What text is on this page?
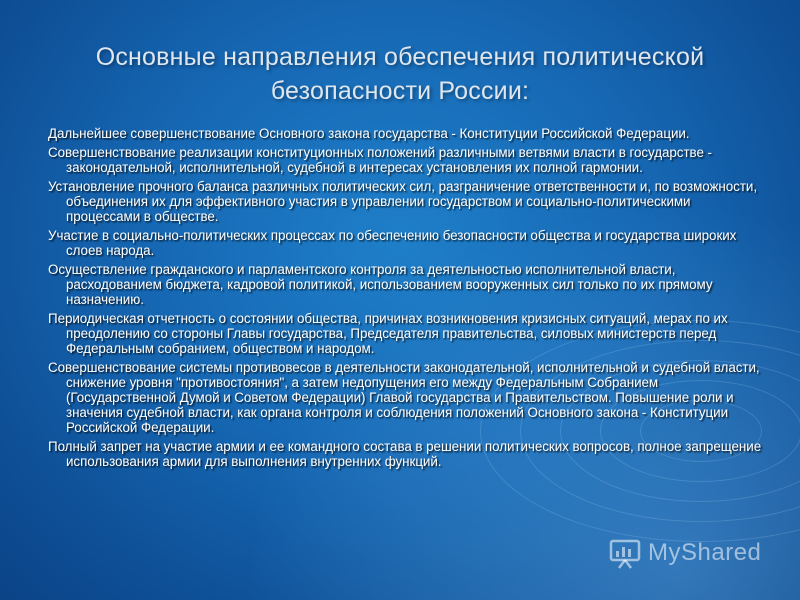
Основные направления обеспечения политической
безопасности России:
Дальнейшее совершенствование Основного закона государства - Конституции Российской Федерации.
Совершенствование реализации конституционных положений различными ветвями власти в государстве - законодательной, исполнительной, судебной в интересах установления их полной гармонии.
Установление прочного баланса различных политических сил, разграничение ответственности и, по возможности, объединения их для эффективного участия в управлении государством и социально-политическими процессами в обществе.
Участие в социально-политических процессах по обеспечению безопасности общества и государства широких слоев народа.
Осуществление гражданского и парламентского контроля за деятельностью исполнительной власти, расходованием бюджета, кадровой политикой, использованием вооруженных сил только по их прямому назначению.
Периодическая отчетность о состоянии общества, причинах возникновения кризисных ситуаций, мерах по их преодолению со стороны Главы государства, Председателя правительства, силовых министерств перед Федеральным собранием, обществом и народом.
Совершенствование системы противовесов в деятельности законодательной, исполнительной и судебной власти, снижение уровня "противостояния", а затем недопущения его между Федеральным Собранием (Государственной Думой и Советом Федерации) Главой государства и Правительством. Повышение роли и значения судебной власти, как органа контроля и соблюдения положений Основного закона - Конституции Российской Федерации.
Полный запрет на участие армии и ее командного состава в решении политических вопросов, полное запрещение использования армии для выполнения внутренних функций.
MyShared
